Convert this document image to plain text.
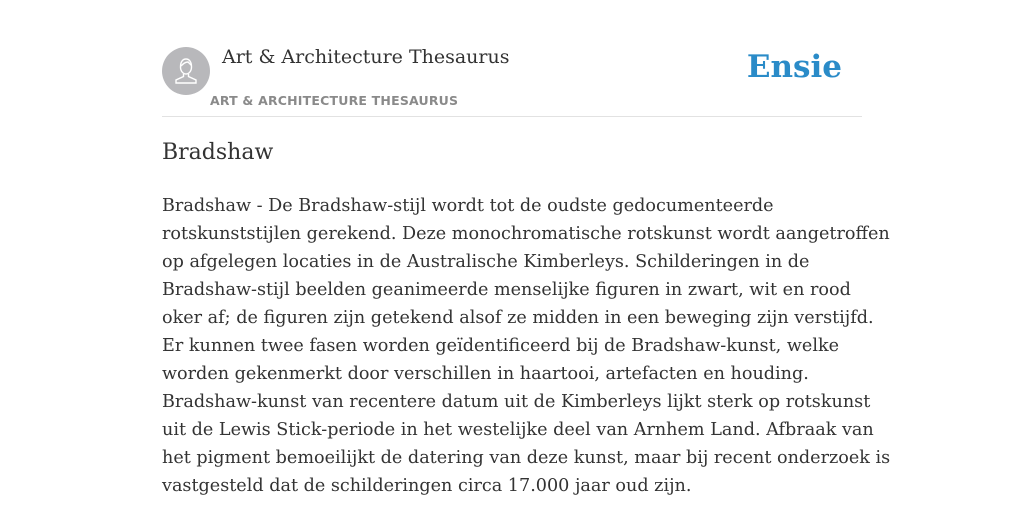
Art & Architecture Thesaurus
ART & ARCHITECTURE THESAURUS
Ensie
Bradshaw
Bradshaw - De Bradshaw-stijl wordt tot de oudste gedocumenteerde
rotskunststijlen gerekend. Deze monochromatische rotskunst wordt aangetroffen
op afgelegen locaties in de Australische Kimberleys. Schilderingen in de
Bradshaw-stijl beelden geanimeerde menselijke figuren in zwart, wit en rood
oker af; de figuren zijn getekend alsof ze midden in een beweging zijn verstijfd.
Er kunnen twee fasen worden geïdentificeerd bij de Bradshaw-kunst, welke
worden gekenmerkt door verschillen in haartooi, artefacten en houding.
Bradshaw-kunst van recentere datum uit de Kimberleys lijkt sterk op rotskunst
uit de Lewis Stick-periode in het westelijke deel van Arnhem Land. Afbraak van
het pigment bemoeilijkt de datering van deze kunst, maar bij recent onderzoek is
vastgesteld dat de schilderingen circa 17.000 jaar oud zijn.
